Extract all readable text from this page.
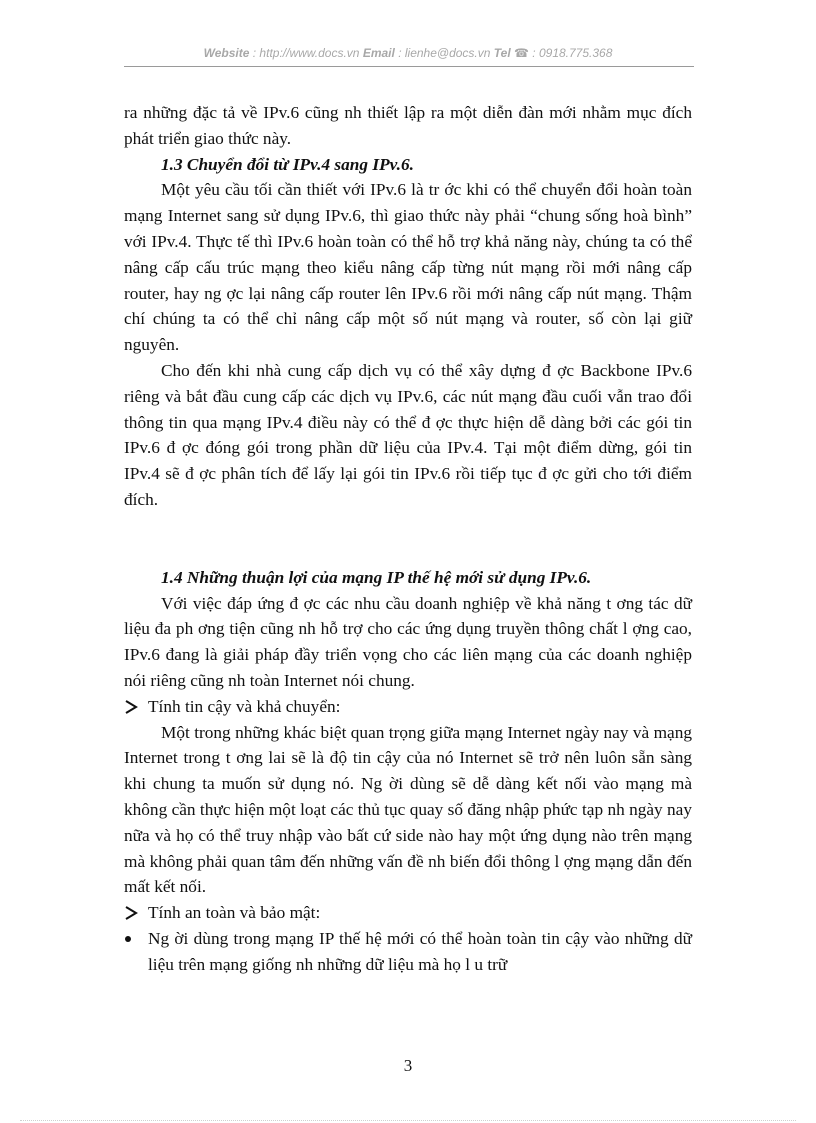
Website : http://www.docs.vn Email : lienhe@docs.vn Tel ☎ : 0918.775.368

ra những đặc tả về IPv.6 cũng nh thiết lập ra một diễn đàn mới nhằm mục đích phát triển giao thức này.

1.3 Chuyển đổi từ IPv.4 sang IPv.6.

Một yêu cầu tối cần thiết với IPv.6 là tr ớc khi có thể chuyển đổi hoàn toàn mạng Internet sang sử dụng IPv.6, thì giao thức này phải “chung sống hoà bình” với IPv.4. Thực tế thì IPv.6 hoàn toàn có thể hỗ trợ khả năng này, chúng ta có thể nâng cấp cấu trúc mạng theo kiểu nâng cấp từng nút mạng rồi mới nâng cấp router, hay ng ợc lại nâng cấp router lên IPv.6 rồi mới nâng cấp nút mạng. Thậm chí chúng ta có thể chỉ nâng cấp một số nút mạng và router, số còn lại giữ nguyên.

Cho đến khi nhà cung cấp dịch vụ có thể xây dựng đ ợc Backbone IPv.6 riêng và bắt đầu cung cấp các dịch vụ IPv.6, các nút mạng đầu cuối vẫn trao đổi thông tin qua mạng IPv.4 điều này có thể đ ợc thực hiện dễ dàng bởi các gói tin IPv.6 đ ợc đóng gói trong phần dữ liệu của IPv.4. Tại một điểm dừng, gói tin IPv.4 sẽ đ ợc phân tích để lấy lại gói tin IPv.6 rồi tiếp tục đ ợc gửi cho tới điểm đích.

1.4 Những thuận lợi của mạng IP thế hệ mới sử dụng IPv.6.

Với việc đáp ứng đ ợc các nhu cầu doanh nghiệp về khả năng t ơng tác dữ liệu đa ph ơng tiện cũng nh hỗ trợ cho các ứng dụng truyền thông chất l ợng cao, IPv.6 đang là giải pháp đầy triển vọng cho các liên mạng của các doanh nghiệp nói riêng cũng nh toàn Internet nói chung.

Tính tin cậy và khả chuyển:

Một trong những khác biệt quan trọng giữa mạng Internet ngày nay và mạng Internet trong t ơng lai sẽ là độ tin cậy của nó Internet sẽ trở nên luôn sẵn sàng khi chung ta muốn sử dụng nó. Ng ời dùng sẽ dễ dàng kết nối vào mạng mà không cần thực hiện một loạt các thủ tục quay số đăng nhập phức tạp nh ngày nay nữa và họ có thể truy nhập vào bất cứ side nào hay một ứng dụng nào trên mạng mà không phải quan tâm đến những vấn đề nh biến đổi thông l ợng mạng dẫn đến mất kết nối.

Tính an toàn và bảo mật:

Ng ời dùng trong mạng IP thế hệ mới có thể hoàn toàn tin cậy vào những dữ liệu trên mạng giống nh những dữ liệu mà họ l u trữ

3
